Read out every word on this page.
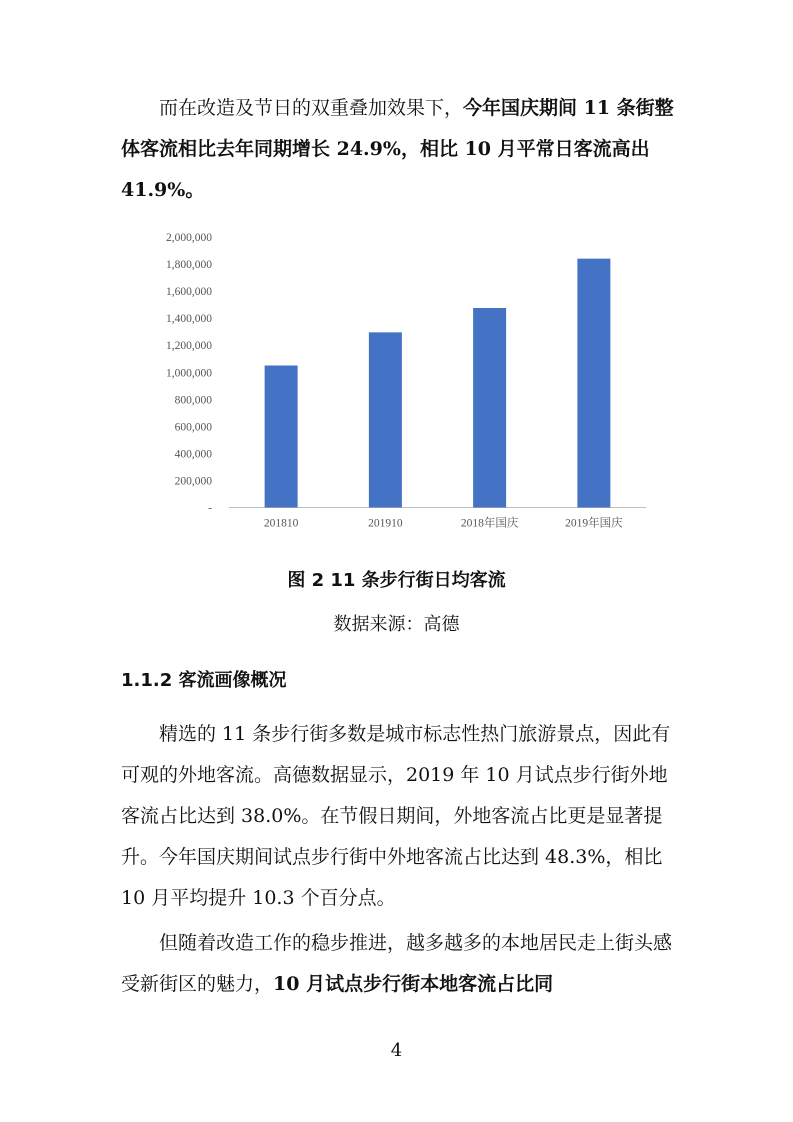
而在改造及节日的双重叠加效果下，今年国庆期间 11 条街整体客流相比去年同期增长 24.9%，相比 10 月平常日客流高出 41.9%。

-
200,000
400,000
600,000
800,000
1,000,000
1,200,000
1,400,000
1,600,000
1,800,000
2,000,000
201810	201910	2018年国庆	2019年国庆
图 2 11 条步行街日均客流
数据来源：高德
1.1.2 客流画像概况

精选的 11 条步行街多数是城市标志性热门旅游景点，因此有可观的外地客流。高德数据显示，2019 年 10 月试点步行街外地客流占比达到 38.0%。在节假日期间，外地客流占比更是显著提升。今年国庆期间试点步行街中外地客流占比达到 48.3%，相比 10 月平均提升 10.3 个百分点。

但随着改造工作的稳步推进，越多越多的本地居民走上街头感受新街区的魅力，10 月试点步行街本地客流占比同

4
